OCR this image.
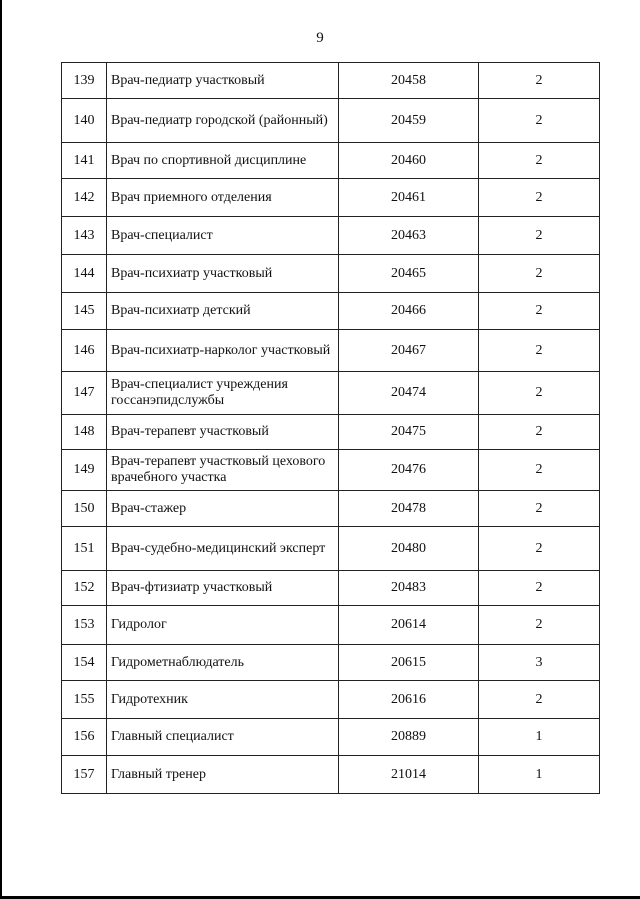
9
139	Врач-педиатр участковый	20458	2
140	Врач-педиатр городской (районный)	20459	2
141	Врач по спортивной дисциплине	20460	2
142	Врач приемного отделения	20461	2
143	Врач-специалист	20463	2
144	Врач-психиатр участковый	20465	2
145	Врач-психиатр детский	20466	2
146	Врач-психиатр-нарколог участковый	20467	2
147	Врач-специалист учреждения госсанэпидслужбы	20474	2
148	Врач-терапевт участковый	20475	2
149	Врач-терапевт участковый цехового врачебного участка	20476	2
150	Врач-стажер	20478	2
151	Врач-судебно-медицинский эксперт	20480	2
152	Врач-фтизиатр участковый	20483	2
153	Гидролог	20614	2
154	Гидрометнаблюдатель	20615	3
155	Гидротехник	20616	2
156	Главный специалист	20889	1
157	Главный тренер	21014	1
